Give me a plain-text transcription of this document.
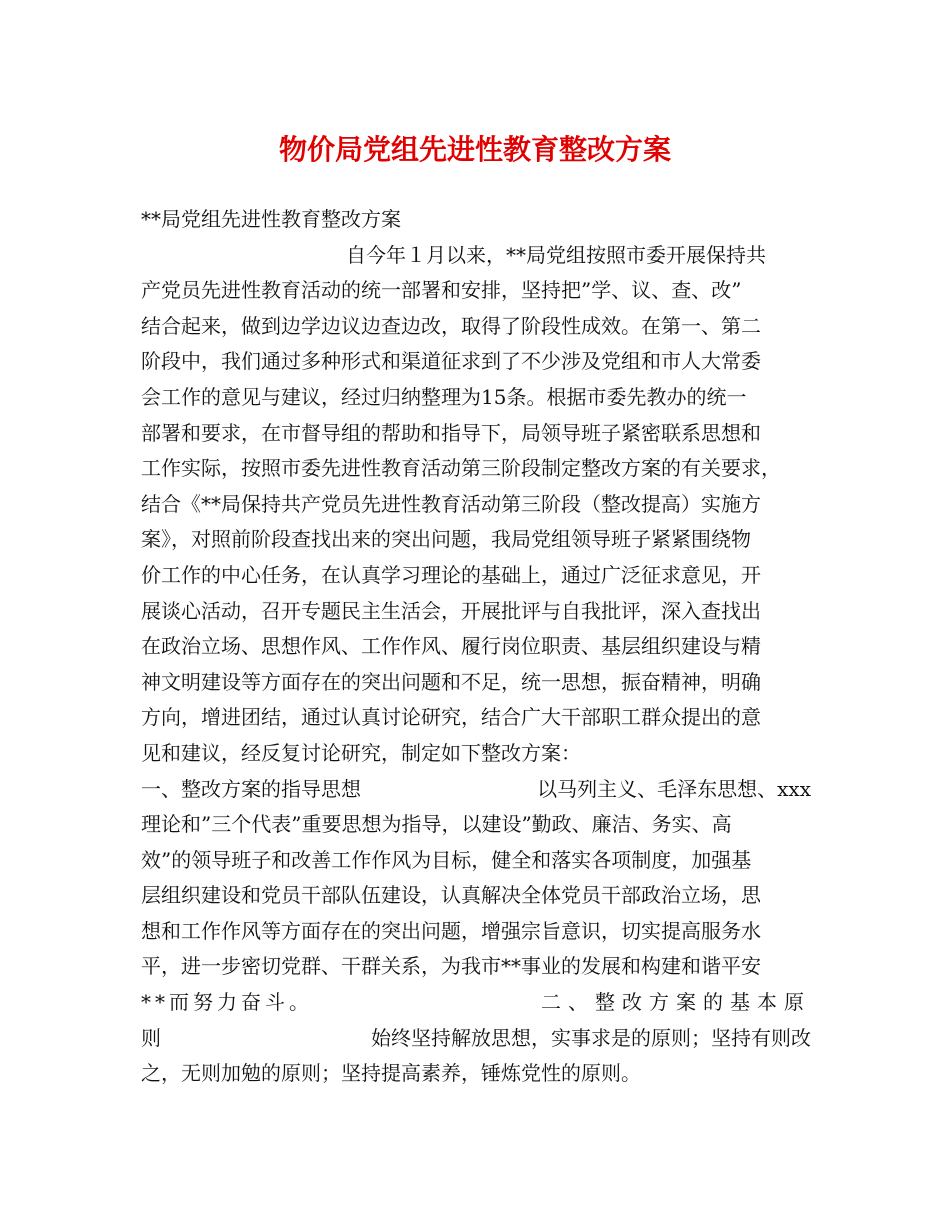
物价局党组先进性教育整改方案
**局党组先进性教育整改方案
自今年１月以来，**局党组按照市委开展保持共
产党员先进性教育活动的统一部署和安排，坚持把”学、议、查、改”
结合起来，做到边学边议边查边改，取得了阶段性成效。在第一、第二
阶段中，我们通过多种形式和渠道征求到了不少涉及党组和市人大常委
会工作的意见与建议，经过归纳整理为15条。根据市委先教办的统一
部署和要求，在市督导组的帮助和指导下，局领导班子紧密联系思想和
工作实际，按照市委先进性教育活动第三阶段制定整改方案的有关要求，
结合《**局保持共产党员先进性教育活动第三阶段（整改提高）实施方
案》，对照前阶段查找出来的突出问题，我局党组领导班子紧紧围绕物
价工作的中心任务，在认真学习理论的基础上，通过广泛征求意见，开
展谈心活动，召开专题民主生活会，开展批评与自我批评，深入查找出
在政治立场、思想作风、工作作风、履行岗位职责、基层组织建设与精
神文明建设等方面存在的突出问题和不足，统一思想，振奋精神，明确
方向，增进团结，通过认真讨论研究，结合广大干部职工群众提出的意
见和建议，经反复讨论研究，制定如下整改方案：
一、整改方案的指导思想	以马列主义、毛泽东思想、xxx
理论和”三个代表”重要思想为指导，以建设”勤政、廉洁、务实、高
效”的领导班子和改善工作作风为目标，健全和落实各项制度，加强基
层组织建设和党员干部队伍建设，认真解决全体党员干部政治立场，思
想和工作作风等方面存在的突出问题，增强宗旨意识，切实提高服务水
平，进一步密切党群、干群关系，为我市**事业的发展和构建和谐平安
**而努力奋斗。	二、整改方案的基本原
则	始终坚持解放思想，实事求是的原则；坚持有则改
之，无则加勉的原则；坚持提高素养，锤炼党性的原则。
